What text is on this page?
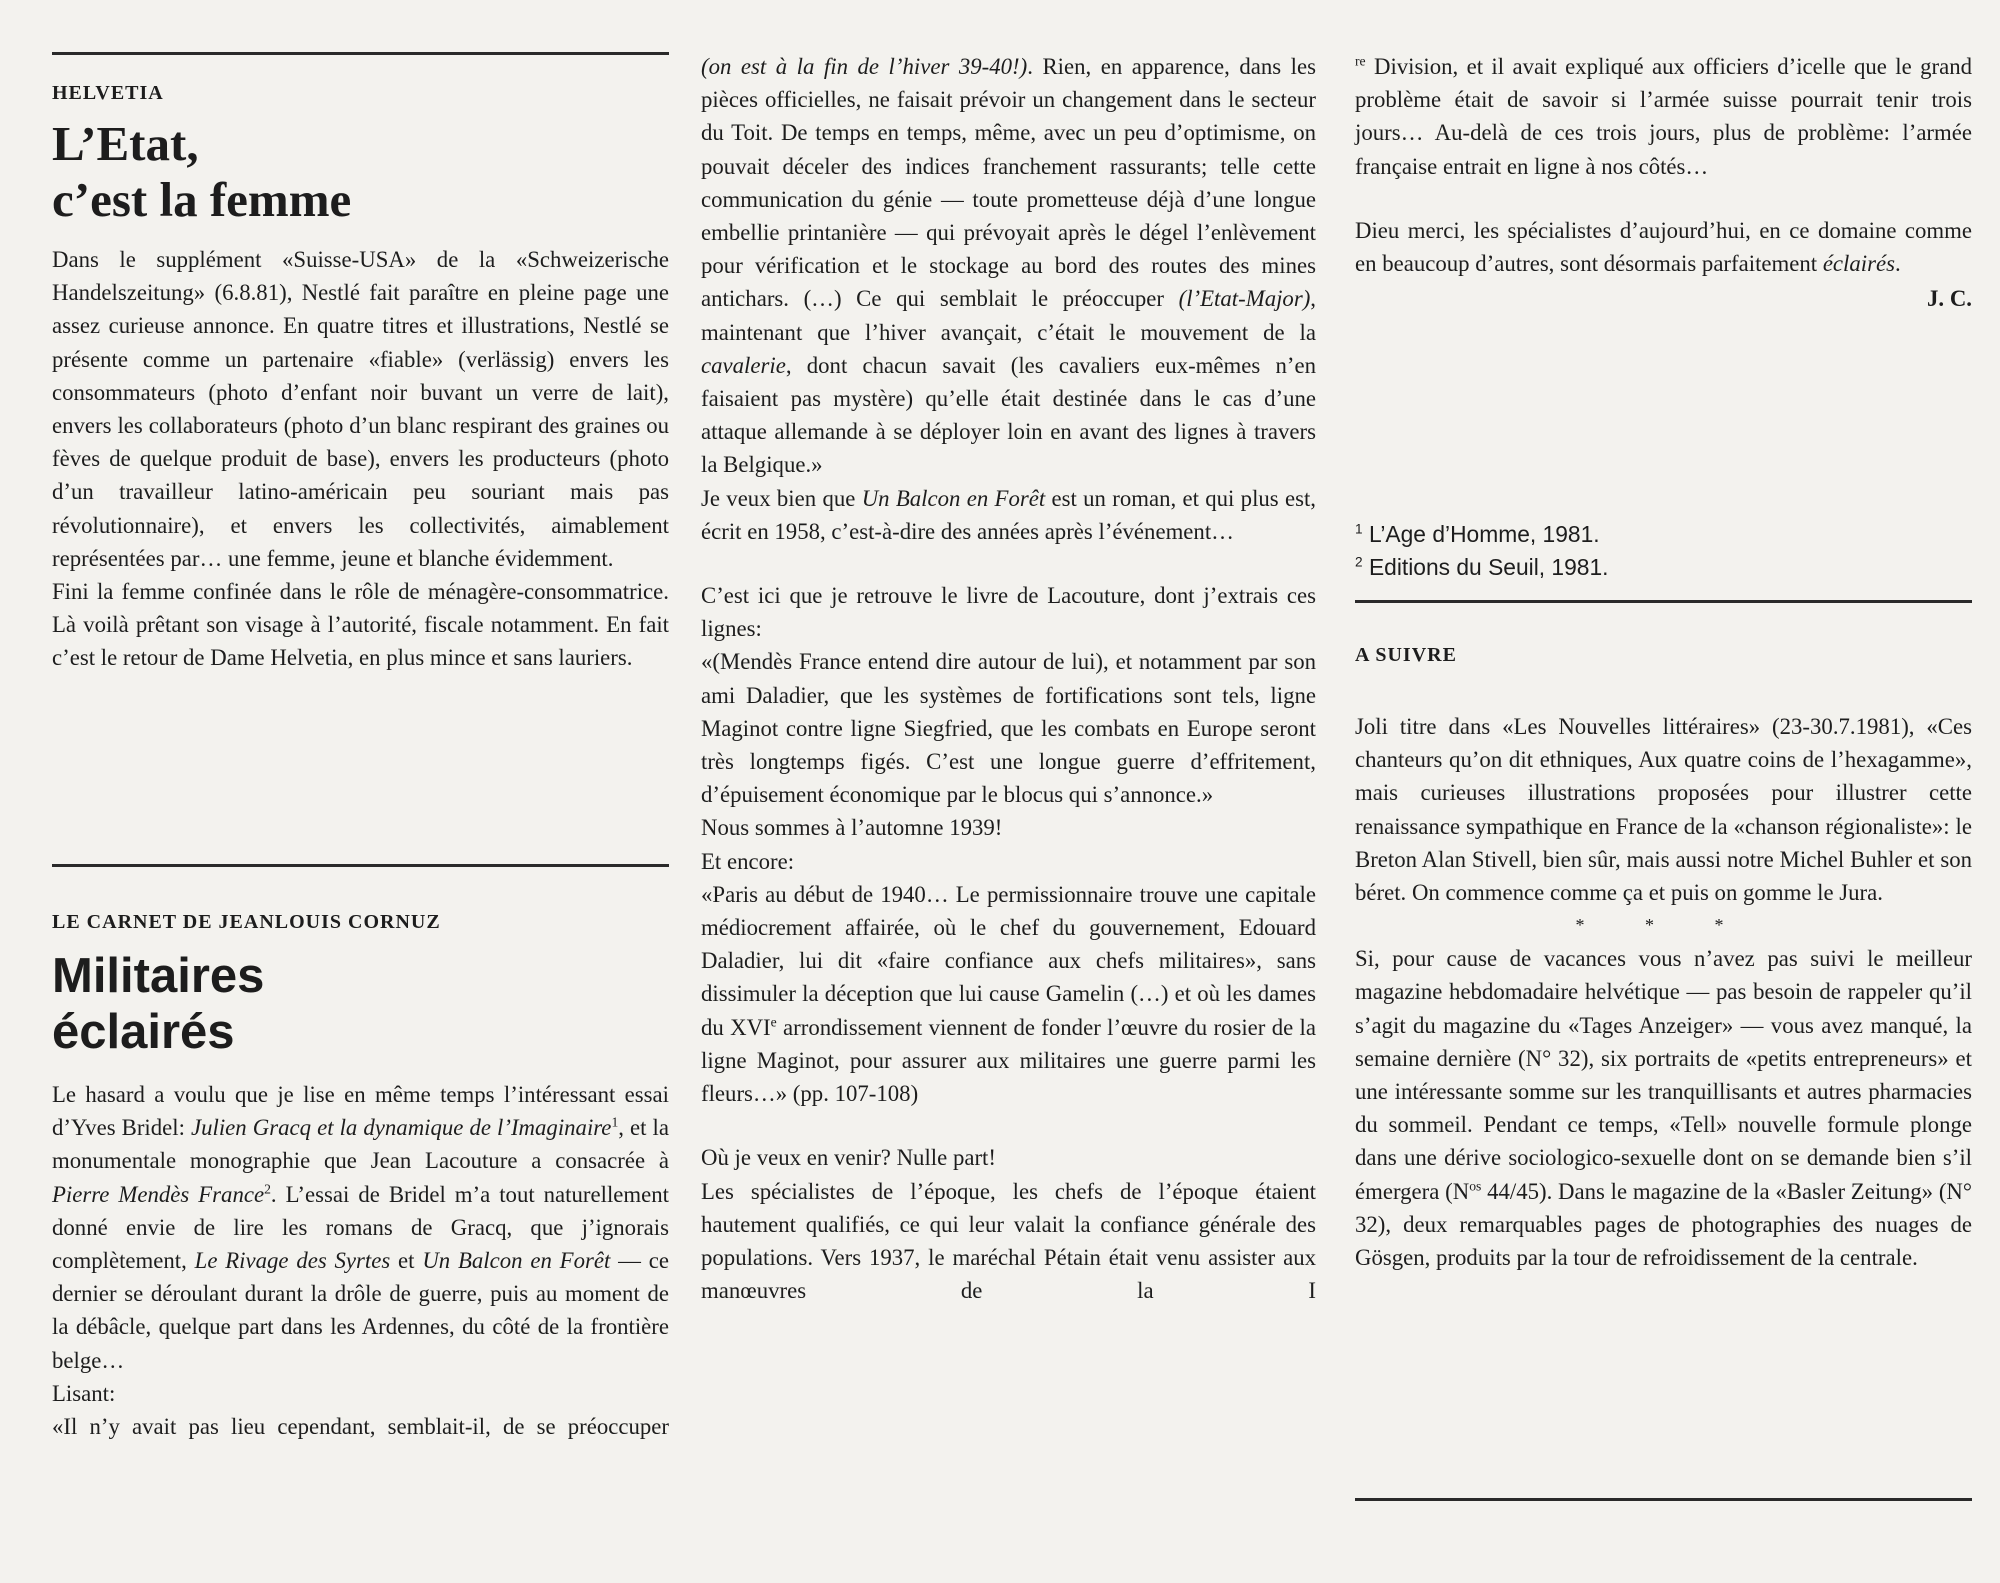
HELVETIA
L’Etat,
c’est la femme

Dans le supplément «Suisse-USA» de la «Schweizerische Handelszeitung» (6.8.81), Nestlé fait paraître en pleine page une assez curieuse annonce. En quatre titres et illustrations, Nestlé se présente comme un partenaire «fiable» (verlässig) envers les consommateurs (photo d’enfant noir buvant un verre de lait), envers les collaborateurs (photo d’un blanc respirant des graines ou fèves de quelque produit de base), envers les producteurs (photo d’un travailleur latino-américain peu souriant mais pas révolutionnaire), et envers les collectivités, aimablement représentées par… une femme, jeune et blanche évidemment.

Fini la femme confinée dans le rôle de ménagère-consommatrice. Là voilà prêtant son visage à l’autorité, fiscale notamment. En fait c’est le retour de Dame Helvetia, en plus mince et sans lauriers.

LE CARNET DE JEANLOUIS CORNUZ
Militaires
éclairés

Le hasard a voulu que je lise en même temps l’intéressant essai d’Yves Bridel: Julien Gracq et la dynamique de l’Imaginaire$^1$, et la monumentale monographie que Jean Lacouture a consacrée à Pierre Mendès France$^2$. L’essai de Bridel m’a tout naturellement donné envie de lire les romans de Gracq, que j’ignorais complètement, Le Rivage des Syrtes et Un Balcon en Forêt — ce dernier se déroulant durant la drôle de guerre, puis au moment de la débâcle, quelque part dans les Ardennes, du côté de la frontière belge…

Lisant:

«Il n’y avait pas lieu cependant, semblait-il, de se préoccuper

(on est à la fin de l’hiver 39-40!). Rien, en apparence, dans les pièces officielles, ne faisait prévoir un changement dans le secteur du Toit. De temps en temps, même, avec un peu d’optimisme, on pouvait déceler des indices franchement rassurants; telle cette communication du génie — toute prometteuse déjà d’une longue embellie printanière — qui prévoyait après le dégel l’enlèvement pour vérification et le stockage au bord des routes des mines antichars. (…) Ce qui semblait le préoccuper (l’Etat-Major), maintenant que l’hiver avançait, c’était le mouvement de la cavalerie, dont chacun savait (les cavaliers eux-mêmes n’en faisaient pas mystère) qu’elle était destinée dans le cas d’une attaque allemande à se déployer loin en avant des lignes à travers la Belgique.»

Je veux bien que Un Balcon en Forêt est un roman, et qui plus est, écrit en 1958, c’est-à-dire des années après l’événement…

C’est ici que je retrouve le livre de Lacouture, dont j’extrais ces lignes:

«(Mendès France entend dire autour de lui), et notamment par son ami Daladier, que les systèmes de fortifications sont tels, ligne Maginot contre ligne Siegfried, que les combats en Europe seront très longtemps figés. C’est une longue guerre d’effritement, d’épuisement économique par le blocus qui s’annonce.»

Nous sommes à l’automne 1939!

Et encore:

«Paris au début de 1940… Le permissionnaire trouve une capitale médiocrement affairée, où le chef du gouvernement, Edouard Daladier, lui dit «faire confiance aux chefs militaires», sans dissimuler la déception que lui cause Gamelin (…) et où les dames du XVIe arrondissement viennent de fonder l’œuvre du rosier de la ligne Maginot, pour assurer aux militaires une guerre parmi les fleurs…» (pp. 107-108)

Où je veux en venir? Nulle part!

Les spécialistes de l’époque, les chefs de l’époque étaient hautement qualifiés, ce qui leur valait la confiance générale des populations. Vers 1937, le maréchal Pétain était venu assister aux manœuvres de la I

$^{re}$ Division, et il avait expliqué aux officiers d’icelle que le grand problème était de savoir si l’armée suisse pourrait tenir trois jours… Au-delà de ces trois jours, plus de problème: l’armée française entrait en ligne à nos côtés…

Dieu merci, les spécialistes d’aujourd’hui, en ce domaine comme en beaucoup d’autres, sont désormais parfaitement éclairés.

J. C.

$^1$ L’Age d’Homme, 1981.

$^2$ Editions du Seuil, 1981.

A SUIVRE

Joli titre dans «Les Nouvelles littéraires» (23-30.7.1981), «Ces chanteurs qu’on dit ethniques, Aux quatre coins de l’hexagamme», mais curieuses illustrations proposées pour illustrer cette renaissance sympathique en France de la «chanson régionaliste»: le Breton Alan Stivell, bien sûr, mais aussi notre Michel Buhler et son béret. On commence comme ça et puis on gomme le Jura.

* * *

Si, pour cause de vacances vous n’avez pas suivi le meilleur magazine hebdomadaire helvétique — pas besoin de rappeler qu’il s’agit du magazine du «Tages Anzeiger» — vous avez manqué, la semaine dernière (N° 32), six portraits de «petits entrepreneurs» et une intéressante somme sur les tranquillisants et autres pharmacies du sommeil. Pendant ce temps, «Tell» nouvelle formule plonge dans une dérive sociologico-sexuelle dont on se demande bien s’il émergera ($N^{os}$ 44/45). Dans le magazine de la «Basler Zeitung» (N° 32), deux remarquables pages de photographies des nuages de Gösgen, produits par la tour de refroidissement de la centrale.
